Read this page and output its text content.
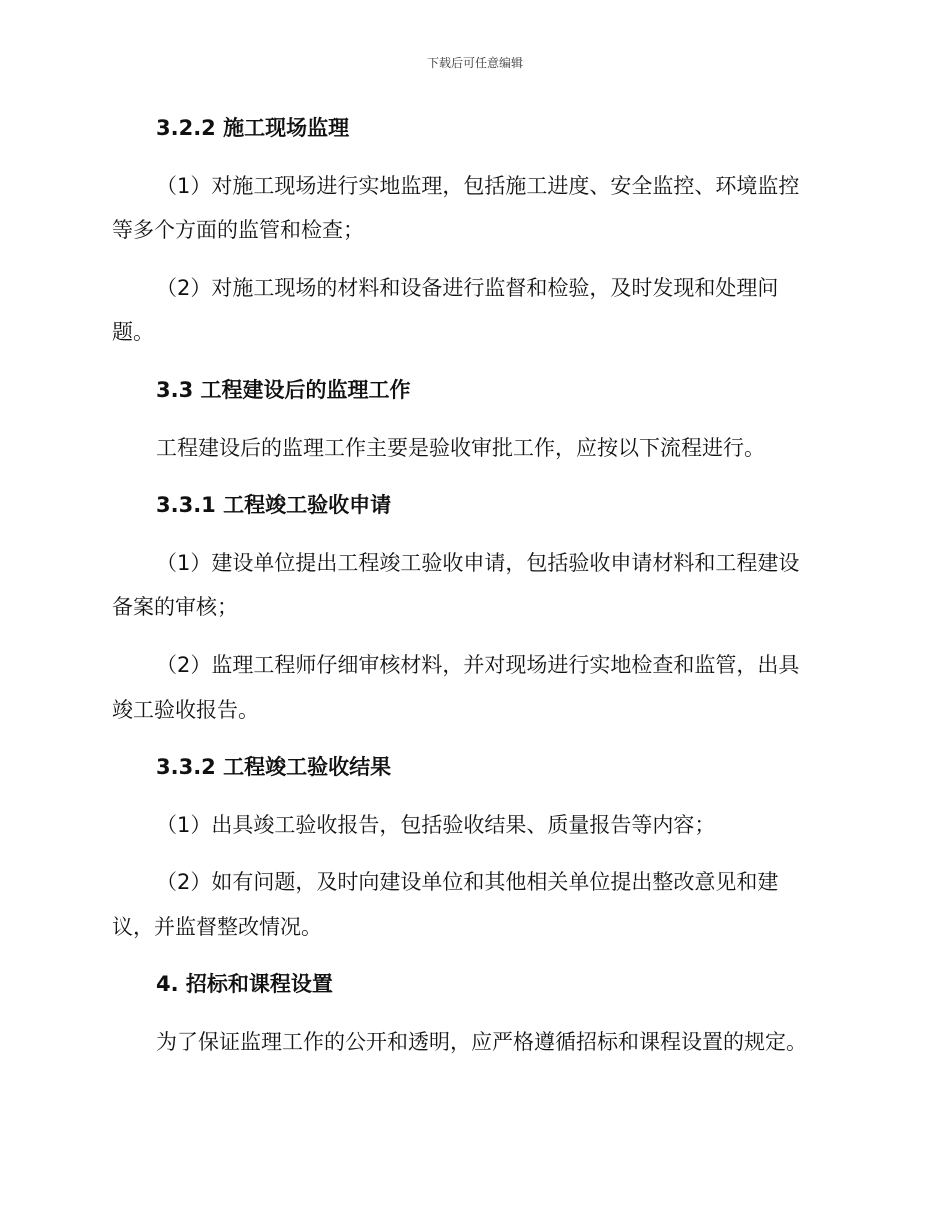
下载后可任意编辑
3.2.2 施工现场监理
（1）对施工现场进行实地监理，包括施工进度、安全监控、环境监控
等多个方面的监管和检查；
（2）对施工现场的材料和设备进行监督和检验，及时发现和处理问
题。
3.3 工程建设后的监理工作
工程建设后的监理工作主要是验收审批工作，应按以下流程进行。
3.3.1 工程竣工验收申请
（1）建设单位提出工程竣工验收申请，包括验收申请材料和工程建设
备案的审核；
（2）监理工程师仔细审核材料，并对现场进行实地检查和监管，出具
竣工验收报告。
3.3.2 工程竣工验收结果
（1）出具竣工验收报告，包括验收结果、质量报告等内容；
（2）如有问题，及时向建设单位和其他相关单位提出整改意见和建
议，并监督整改情况。
4. 招标和课程设置
为了保证监理工作的公开和透明，应严格遵循招标和课程设置的规定。
